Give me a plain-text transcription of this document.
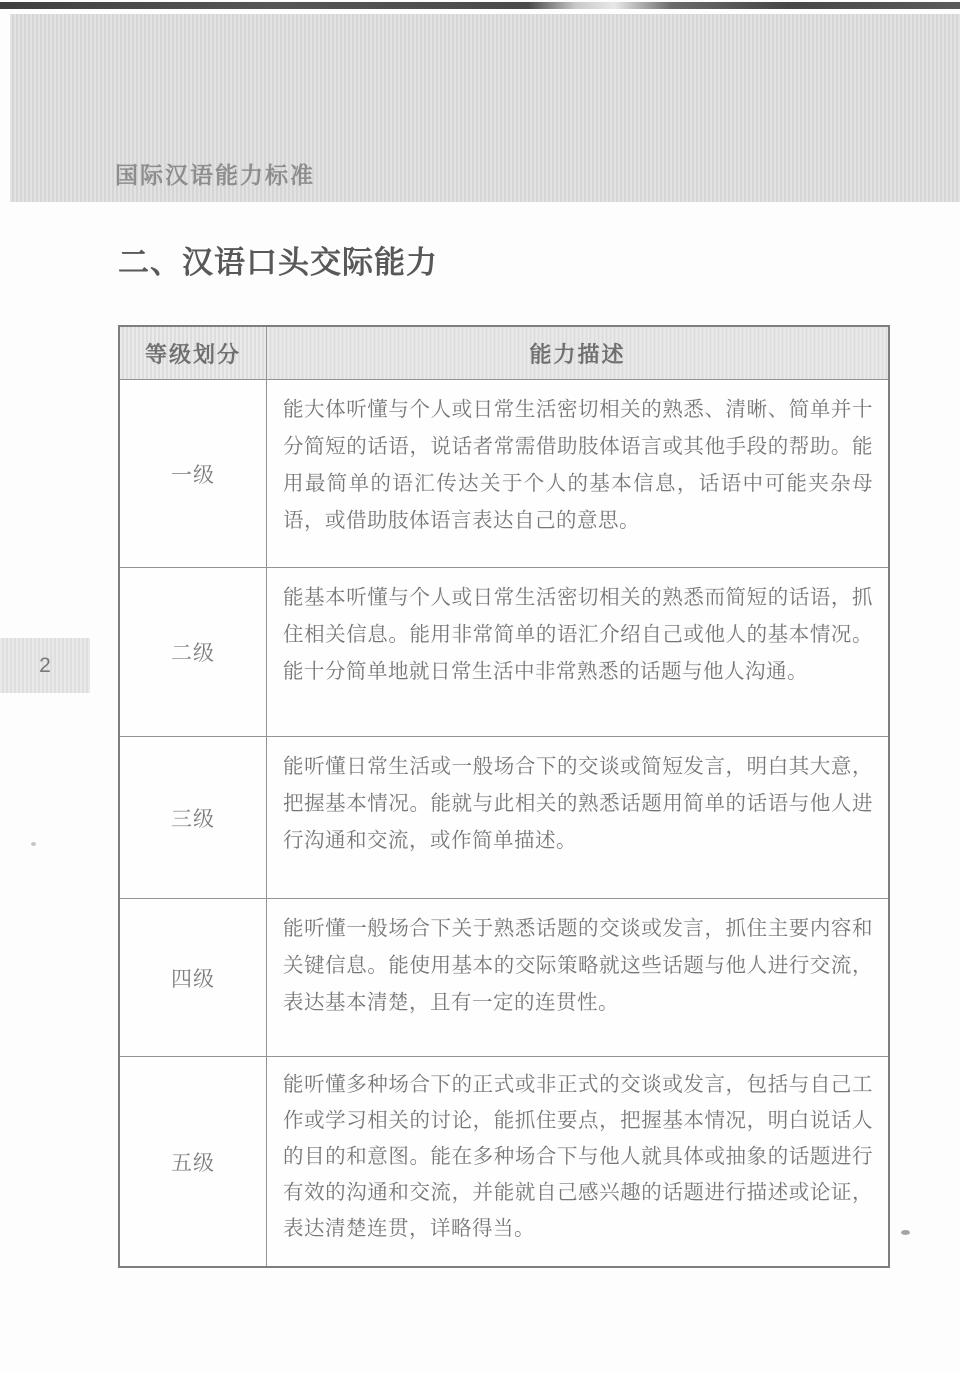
国际汉语能力标准
二、汉语口头交际能力
2
等级划分	能力描述
一级	能大体听懂与个人或日常生活密切相关的熟悉、清晰、简单并十分简短的话语，说话者常需借助肢体语言或其他手段的帮助。能用最简单的语汇传达关于个人的基本信息，话语中可能夹杂母语，或借助肢体语言表达自己的意思。
二级	能基本听懂与个人或日常生活密切相关的熟悉而简短的话语，抓住相关信息。能用非常简单的语汇介绍自己或他人的基本情况。能十分简单地就日常生活中非常熟悉的话题与他人沟通。
三级	能听懂日常生活或一般场合下的交谈或简短发言，明白其大意，把握基本情况。能就与此相关的熟悉话题用简单的话语与他人进行沟通和交流，或作简单描述。
四级	能听懂一般场合下关于熟悉话题的交谈或发言，抓住主要内容和关键信息。能使用基本的交际策略就这些话题与他人进行交流，表达基本清楚，且有一定的连贯性。
五级	能听懂多种场合下的正式或非正式的交谈或发言，包括与自己工作或学习相关的讨论，能抓住要点，把握基本情况，明白说话人的目的和意图。能在多种场合下与他人就具体或抽象的话题进行有效的沟通和交流，并能就自己感兴趣的话题进行描述或论证，表达清楚连贯，详略得当。
